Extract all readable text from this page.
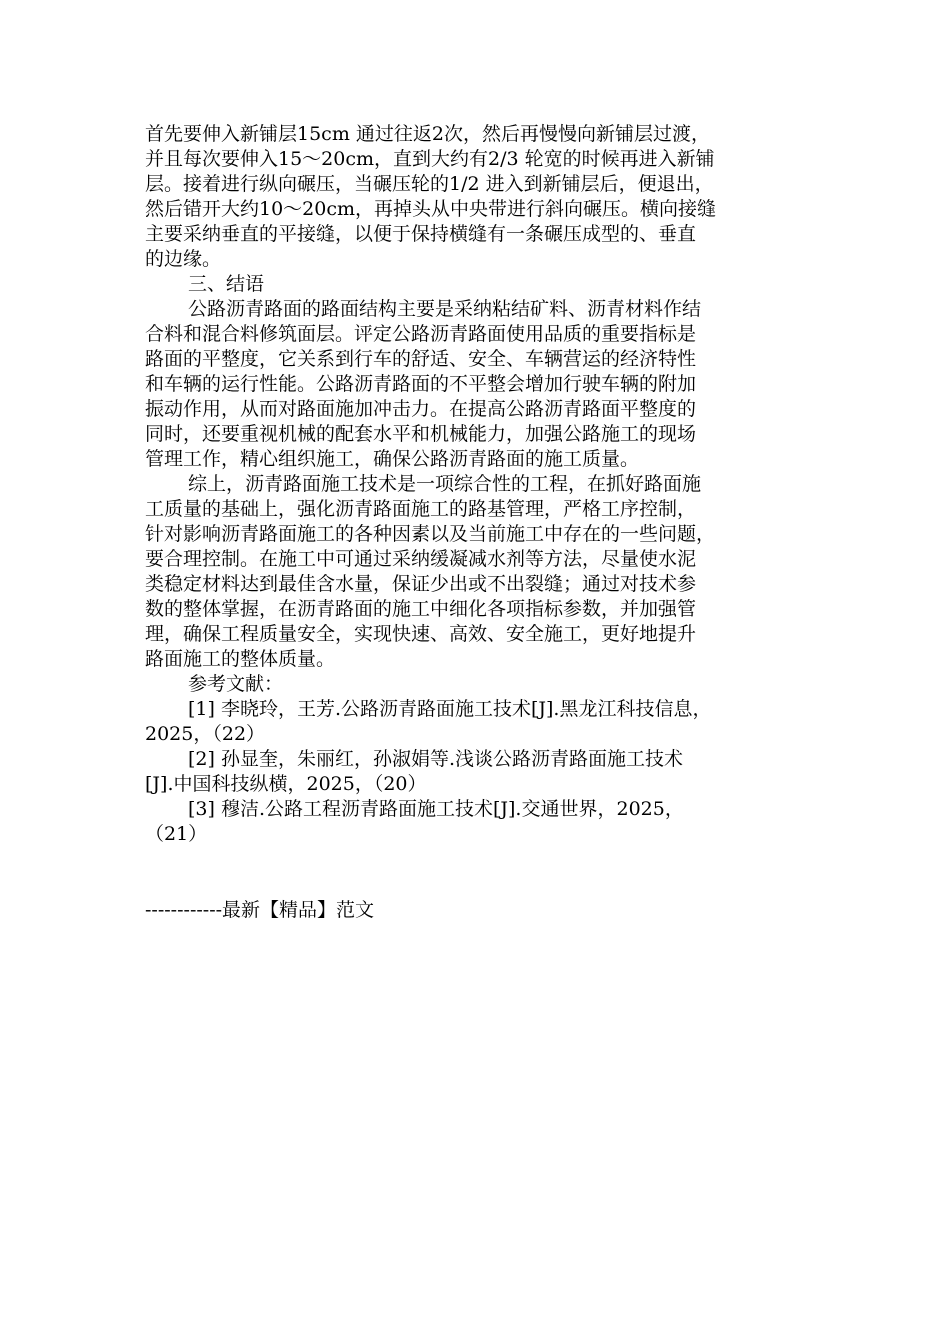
首先要伸入新铺层15cm 通过往返2次，然后再慢慢向新铺层过渡，
并且每次要伸入15～20cm，直到大约有2/3 轮宽的时候再进入新铺
层。接着进行纵向碾压，当碾压轮的1/2 进入到新铺层后，便退出，
然后错开大约10～20cm，再掉头从中央带进行斜向碾压。横向接缝
主要采纳垂直的平接缝，以便于保持横缝有一条碾压成型的、垂直
的边缘。
三、结语
公路沥青路面的路面结构主要是采纳粘结矿料、沥青材料作结
合料和混合料修筑面层。评定公路沥青路面使用品质的重要指标是
路面的平整度，它关系到行车的舒适、安全、车辆营运的经济特性
和车辆的运行性能。公路沥青路面的不平整会增加行驶车辆的附加
振动作用，从而对路面施加冲击力。在提高公路沥青路面平整度的
同时，还要重视机械的配套水平和机械能力，加强公路施工的现场
管理工作，精心组织施工，确保公路沥青路面的施工质量。
综上，沥青路面施工技术是一项综合性的工程，在抓好路面施
工质量的基础上，强化沥青路面施工的路基管理，严格工序控制，
针对影响沥青路面施工的各种因素以及当前施工中存在的一些问题，
要合理控制。在施工中可通过采纳缓凝减水剂等方法，尽量使水泥
类稳定材料达到最佳含水量，保证少出或不出裂缝；通过对技术参
数的整体掌握，在沥青路面的施工中细化各项指标参数，并加强管
理，确保工程质量安全，实现快速、高效、安全施工，更好地提升
路面施工的整体质量。
参考文献：
[1] 李晓玲，王芳.公路沥青路面施工技术[J].黑龙江科技信息，
2025，（22）
[2] 孙显奎，朱丽红，孙淑娟等.浅谈公路沥青路面施工技术
[J].中国科技纵横，2025，（20）
[3] 穆洁.公路工程沥青路面施工技术[J].交通世界，2025，
（21）
------------最新【精品】范文
